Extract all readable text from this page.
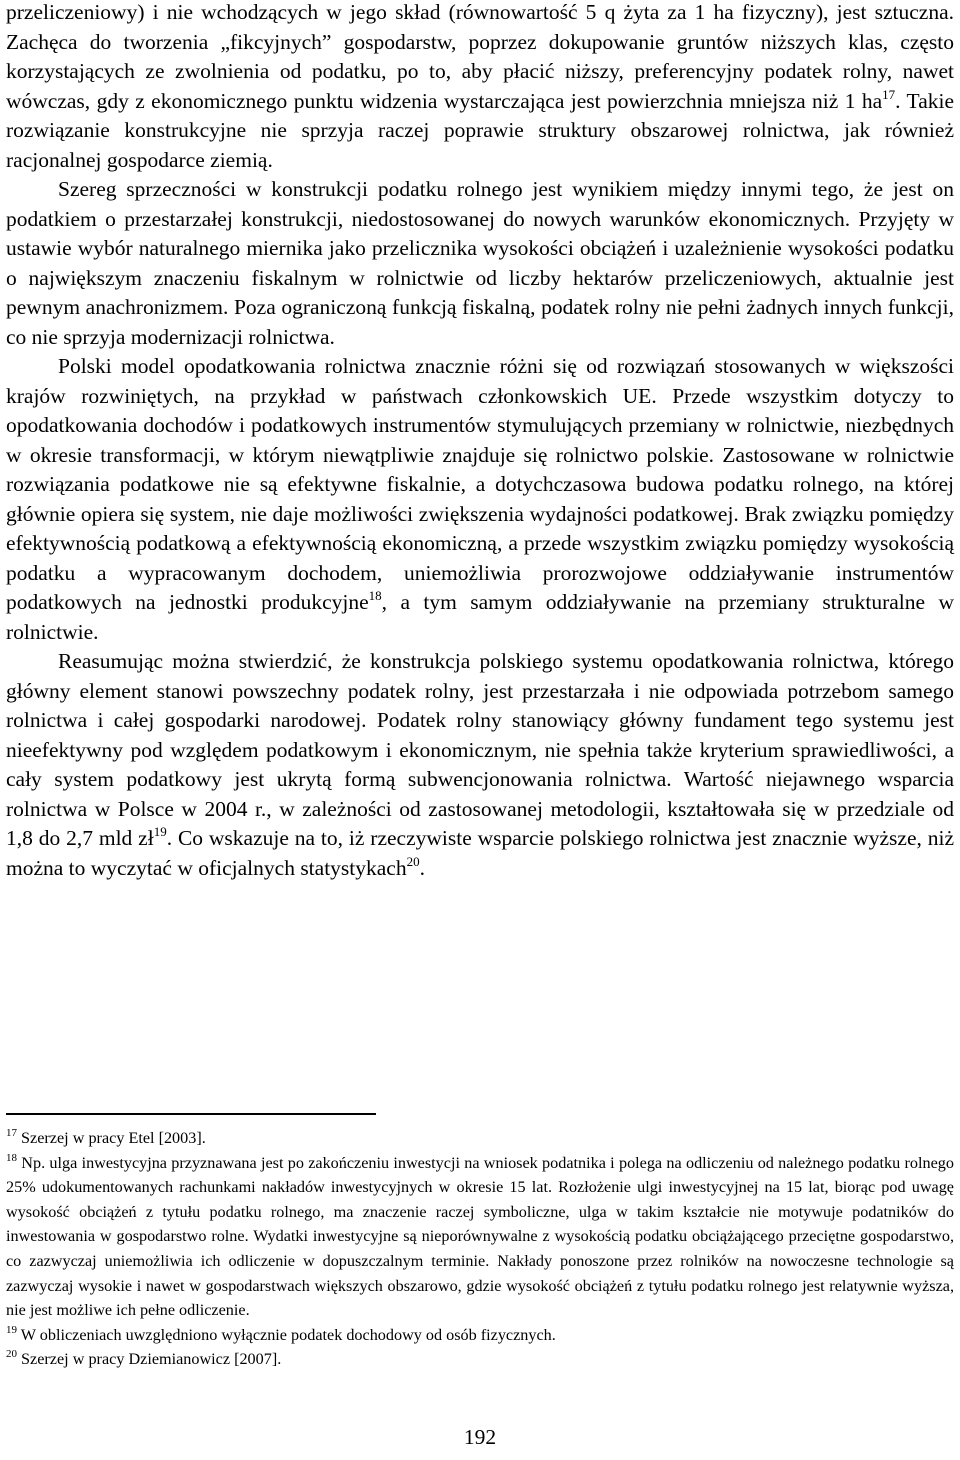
przeliczeniowy) i nie wchodzących w jego skład (równowartość 5 q żyta za 1 ha fizyczny), jest sztuczna. Zachęca do tworzenia „fikcyjnych” gospodarstw, poprzez dokupowanie gruntów niższych klas, często korzystających ze zwolnienia od podatku, po to, aby płacić niższy, preferencyjny podatek rolny, nawet wówczas, gdy z ekonomicznego punktu widzenia wystarczająca jest powierzchnia mniejsza niż 1 $ha^{17}$. Takie rozwiązanie konstrukcyjne nie sprzyja raczej poprawie struktury obszarowej rolnictwa, jak również racjonalnej gospodarce ziemią.

Szereg sprzeczności w konstrukcji podatku rolnego jest wynikiem między innymi tego, że jest on podatkiem o przestarzałej konstrukcji, niedostosowanej do nowych warunków ekonomicznych. Przyjęty w ustawie wybór naturalnego miernika jako przelicznika wysokości obciążeń i uzależnienie wysokości podatku o największym znaczeniu fiskalnym w rolnictwie od liczby hektarów przeliczeniowych, aktualnie jest pewnym anachronizmem. Poza ograniczoną funkcją fiskalną, podatek rolny nie pełni żadnych innych funkcji, co nie sprzyja modernizacji rolnictwa.

Polski model opodatkowania rolnictwa znacznie różni się od rozwiązań stosowanych w większości krajów rozwiniętych, na przykład w państwach członkowskich UE. Przede wszystkim dotyczy to opodatkowania dochodów i podatkowych instrumentów stymulujących przemiany w rolnictwie, niezbędnych w okresie transformacji, w którym niewątpliwie znajduje się rolnictwo polskie. Zastosowane w rolnictwie rozwiązania podatkowe nie są efektywne fiskalnie, a dotychczasowa budowa podatku rolnego, na której głównie opiera się system, nie daje możliwości zwiększenia wydajności podatkowej. Brak związku pomiędzy efektywnością podatkową a efektywnością ekonomiczną, a przede wszystkim związku pomiędzy wysokością podatku a wypracowanym dochodem, uniemożliwia prorozwojowe oddziaływanie instrumentów podatkowych na jednostki produkcyjne$^{18}$, a tym samym oddziaływanie na przemiany strukturalne w rolnictwie.

Reasumując można stwierdzić, że konstrukcja polskiego systemu opodatkowania rolnictwa, którego główny element stanowi powszechny podatek rolny, jest przestarzała i nie odpowiada potrzebom samego rolnictwa i całej gospodarki narodowej. Podatek rolny stanowiący główny fundament tego systemu jest nieefektywny pod względem podatkowym i ekonomicznym, nie spełnia także kryterium sprawiedliwości, a cały system podatkowy jest ukrytą formą subwencjonowania rolnictwa. Wartość niejawnego wsparcia rolnictwa w Polsce w 2004 r., w zależności od zastosowanej metodologii, kształtowała się w przedziale od 1,8 do 2,7 mld $zł^{19}$. Co wskazuje na to, iż rzeczywiste wsparcie polskiego rolnictwa jest znacznie wyższe, niż można to wyczytać w oficjalnych statystykach$^{20}$.

$^{17}$ Szerzej w pracy Etel [2003].

$^{18}$ Np. ulga inwestycyjna przyznawana jest po zakończeniu inwestycji na wniosek podatnika i polega na odliczeniu od należnego podatku rolnego 25% udokumentowanych rachunkami nakładów inwestycyjnych w okresie 15 lat. Rozłożenie ulgi inwestycyjnej na 15 lat, biorąc pod uwagę wysokość obciążeń z tytułu podatku rolnego, ma znaczenie raczej symboliczne, ulga w takim kształcie nie motywuje podatników do inwestowania w gospodarstwo rolne. Wydatki inwestycyjne są nieporównywalne z wysokością podatku obciążającego przeciętne gospodarstwo, co zazwyczaj uniemożliwia ich odliczenie w dopuszczalnym terminie. Nakłady ponoszone przez rolników na nowoczesne technologie są zazwyczaj wysokie i nawet w gospodarstwach większych obszarowo, gdzie wysokość obciążeń z tytułu podatku rolnego jest relatywnie wyższa, nie jest możliwe ich pełne odliczenie.

$^{19}$ W obliczeniach uwzględniono wyłącznie podatek dochodowy od osób fizycznych.

$^{20}$ Szerzej w pracy Dziemianowicz [2007].

192
